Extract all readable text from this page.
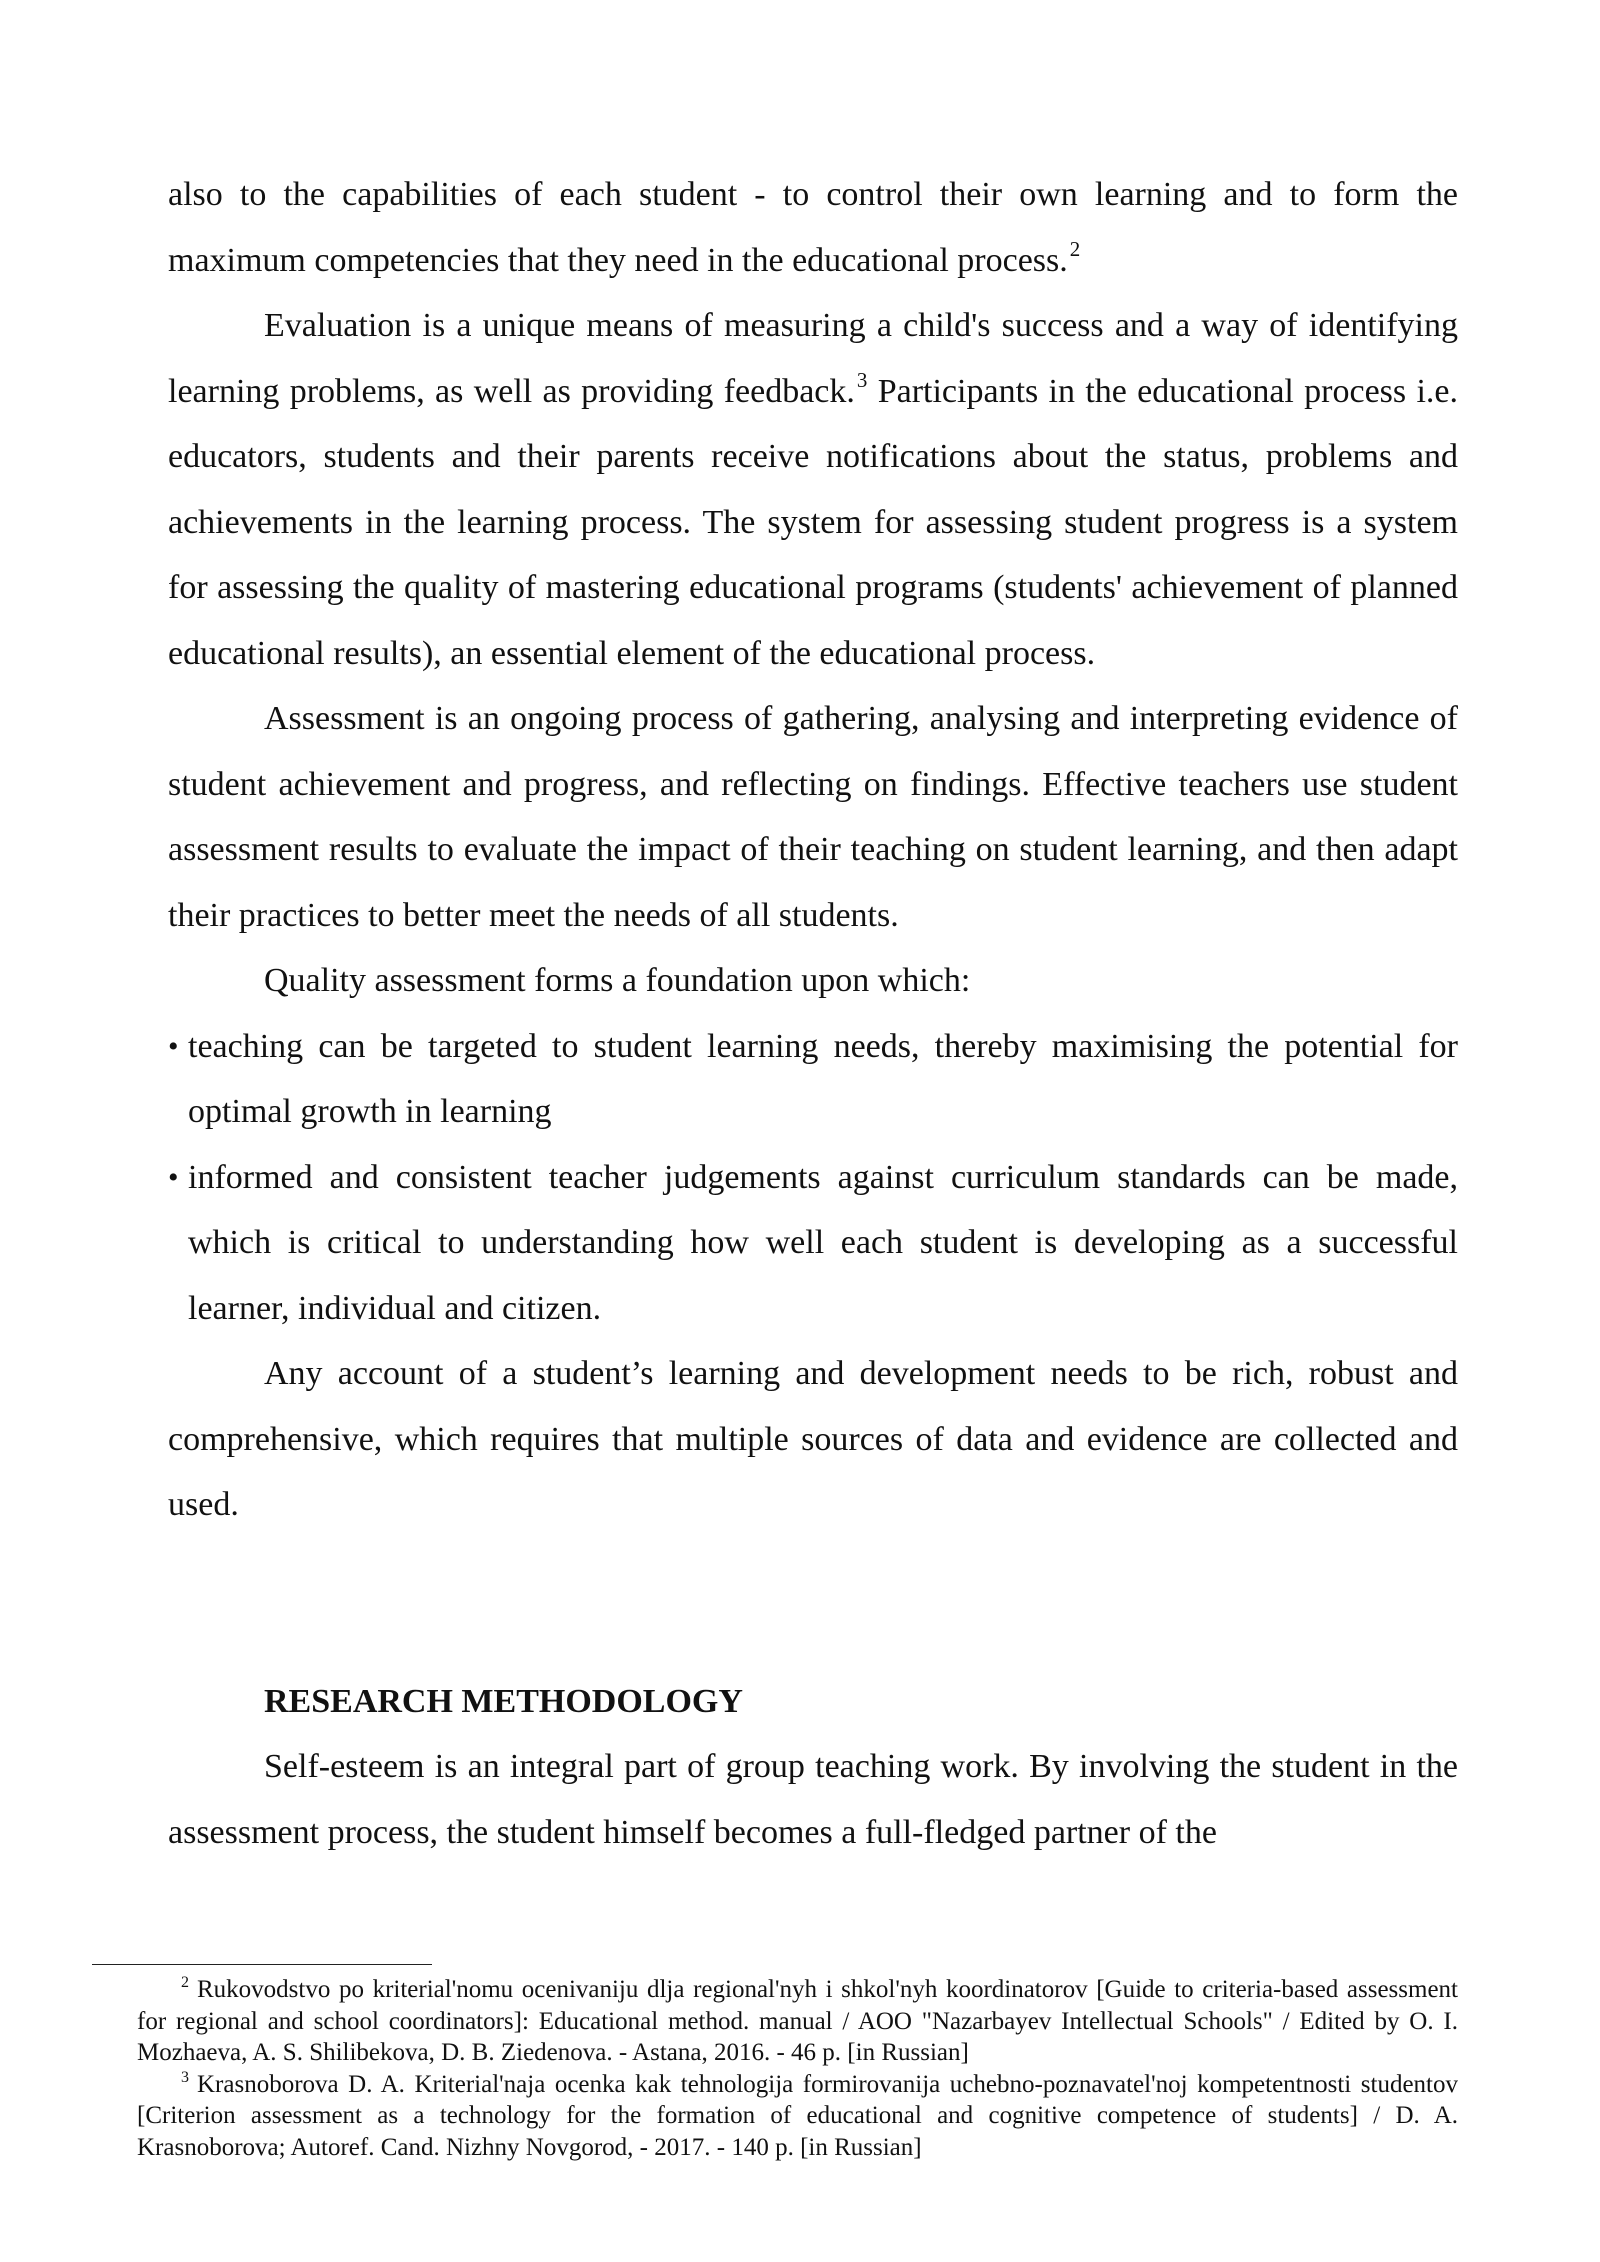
also to the capabilities of each student - to control their own learning and to form the maximum competencies that they need in the educational process.$^2$

Evaluation is a unique means of measuring a child's success and a way of identifying learning problems, as well as providing feedback.$^3$ Participants in the educational process i.e. educators, students and their parents receive notifications about the status, problems and achievements in the learning process. The system for assessing student progress is a system for assessing the quality of mastering educational programs (students' achievement of planned educational results), an essential element of the educational process.

Assessment is an ongoing process of gathering, analysing and interpreting evidence of student achievement and progress, and reflecting on findings. Effective teachers use student assessment results to evaluate the impact of their teaching on student learning, and then adapt their practices to better meet the needs of all students.

Quality assessment forms a foundation upon which:

• teaching can be targeted to student learning needs, thereby maximising the potential for optimal growth in learning
• informed and consistent teacher judgements against curriculum standards can be made, which is critical to understanding how well each student is developing as a successful learner, individual and citizen.

Any account of a student’s learning and development needs to be rich, robust and comprehensive, which requires that multiple sources of data and evidence are collected and used.

RESEARCH METHODOLOGY

Self-esteem is an integral part of group teaching work. By involving the student in the assessment process, the student himself becomes a full-fledged partner of the

$^2$ Rukovodstvo po kriterial'nomu ocenivaniju dlja regional'nyh i shkol'nyh koordinatorov [Guide to criteria-based assessment for regional and school coordinators]: Educational method. manual / AOO "Nazarbayev Intellectual Schools" / Edited by O. I. Mozhaeva, A. S. Shilibekova, D. B. Ziedenova. - Astana, 2016. - 46 p. [in Russian]

$^3$ Krasnoborova D. A. Kriterial'naja ocenka kak tehnologija formirovanija uchebno-poznavatel'noj kompetentnosti studentov [Criterion assessment as a technology for the formation of educational and cognitive competence of students] / D. A. Krasnoborova; Autoref. Cand. Nizhny Novgorod, - 2017. - 140 p. [in Russian]
